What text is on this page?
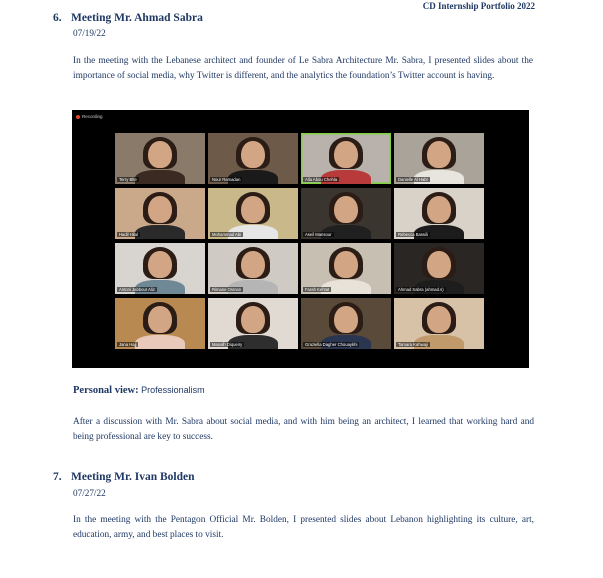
CD Internship Portfolio 2022
6. Meeting Mr. Ahmad Sabra
07/19/22
In the meeting with the Lebanese architect and founder of Le Sabra Architecture Mr. Sabra, I presented slides about the importance of social media, why Twitter is different, and the analytics the foundation’s Twitter account is having.
Recording
Terry Blte	Nour Ramadan	Alla Abou Chehla	Danielle Al Habr
Hadil Hilal	Mohammad Abi	Aseil Mansour	Rebecca Bassili
Antoni Jabbour Aliz	Rimane Osman	Farah Kehtat	Ahmad Sabra (ahmad.s)
Jana Hajj	Manalh Diqueiry	Graziella Dagher Chouaykhi	Tamara Kahwaji
Personal view: Professionalism
After a discussion with Mr. Sabra about social media, and with him being an architect, I learned that working hard and being professional are key to success.
7. Meeting Mr. Ivan Bolden
07/27/22
In the meeting with the Pentagon Official Mr. Bolden, I presented slides about Lebanon highlighting its culture, art, education, army, and best places to visit.
